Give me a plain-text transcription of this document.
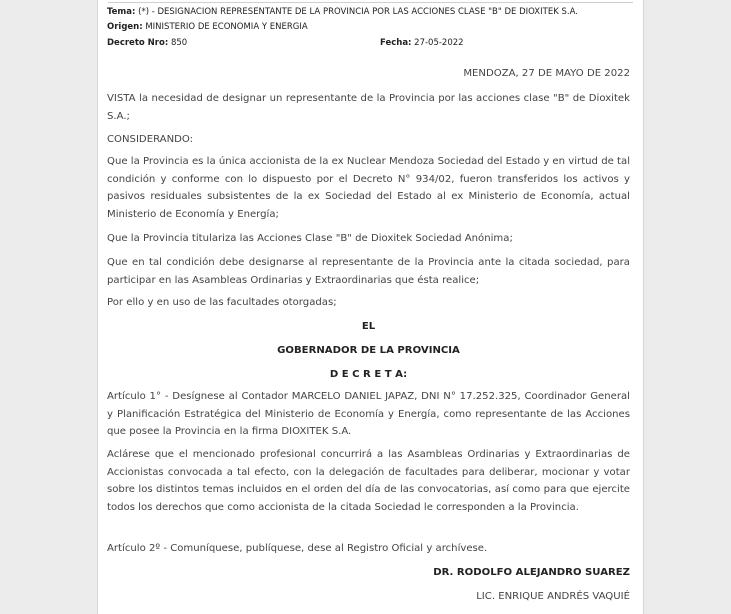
Tema: (*) - DESIGNACION REPRESENTANTE DE LA PROVINCIA POR LAS ACCIONES CLASE "B" DE DIOXITEK S.A.
Origen: MINISTERIO DE ECONOMIA Y ENERGIA
Decreto Nro: 850	Fecha: 27-05-2022
MENDOZA, 27 DE MAYO DE 2022
VISTA la necesidad de designar un representante de la Provincia por las acciones clase "B" de Dioxitek S.A.;
CONSIDERANDO:
Que la Provincia es la única accionista de la ex Nuclear Mendoza Sociedad del Estado y en virtud de tal condición y conforme con lo dispuesto por el Decreto N° 934/02, fueron transferidos los activos y pasivos residuales subsistentes de la ex Sociedad del Estado al ex Ministerio de Economía, actual Ministerio de Economía y Energía;
Que la Provincia titulariza las Acciones Clase "B" de Dioxitek Sociedad Anónima;
Que en tal condición debe designarse al representante de la Provincia ante la citada sociedad, para participar en las Asambleas Ordinarias y Extraordinarias que ésta realice;
Por ello y en uso de las facultades otorgadas;
EL
GOBERNADOR DE LA PROVINCIA
D E C R E T A:
Artículo 1° - Desígnese al Contador MARCELO DANIEL JAPAZ, DNI N° 17.252.325, Coordinador General y Planificación Estratégica del Ministerio de Economía y Energía, como representante de las Acciones que posee la Provincia en la firma DIOXITEK S.A.
Aclárese que el mencionado profesional concurrirá a las Asambleas Ordinarias y Extraordinarias de Accionistas convocada a tal efecto, con la delegación de facultades para deliberar, mocionar y votar sobre los distintos temas incluidos en el orden del día de las convocatorias, así como para que ejercite todos los derechos que como accionista de la citada Sociedad le corresponden a la Provincia.
Artículo 2º - Comuníquese, publíquese, dese al Registro Oficial y archívese.
DR. RODOLFO ALEJANDRO SUAREZ
LIC. ENRIQUE ANDRÉS VAQUIÉ
